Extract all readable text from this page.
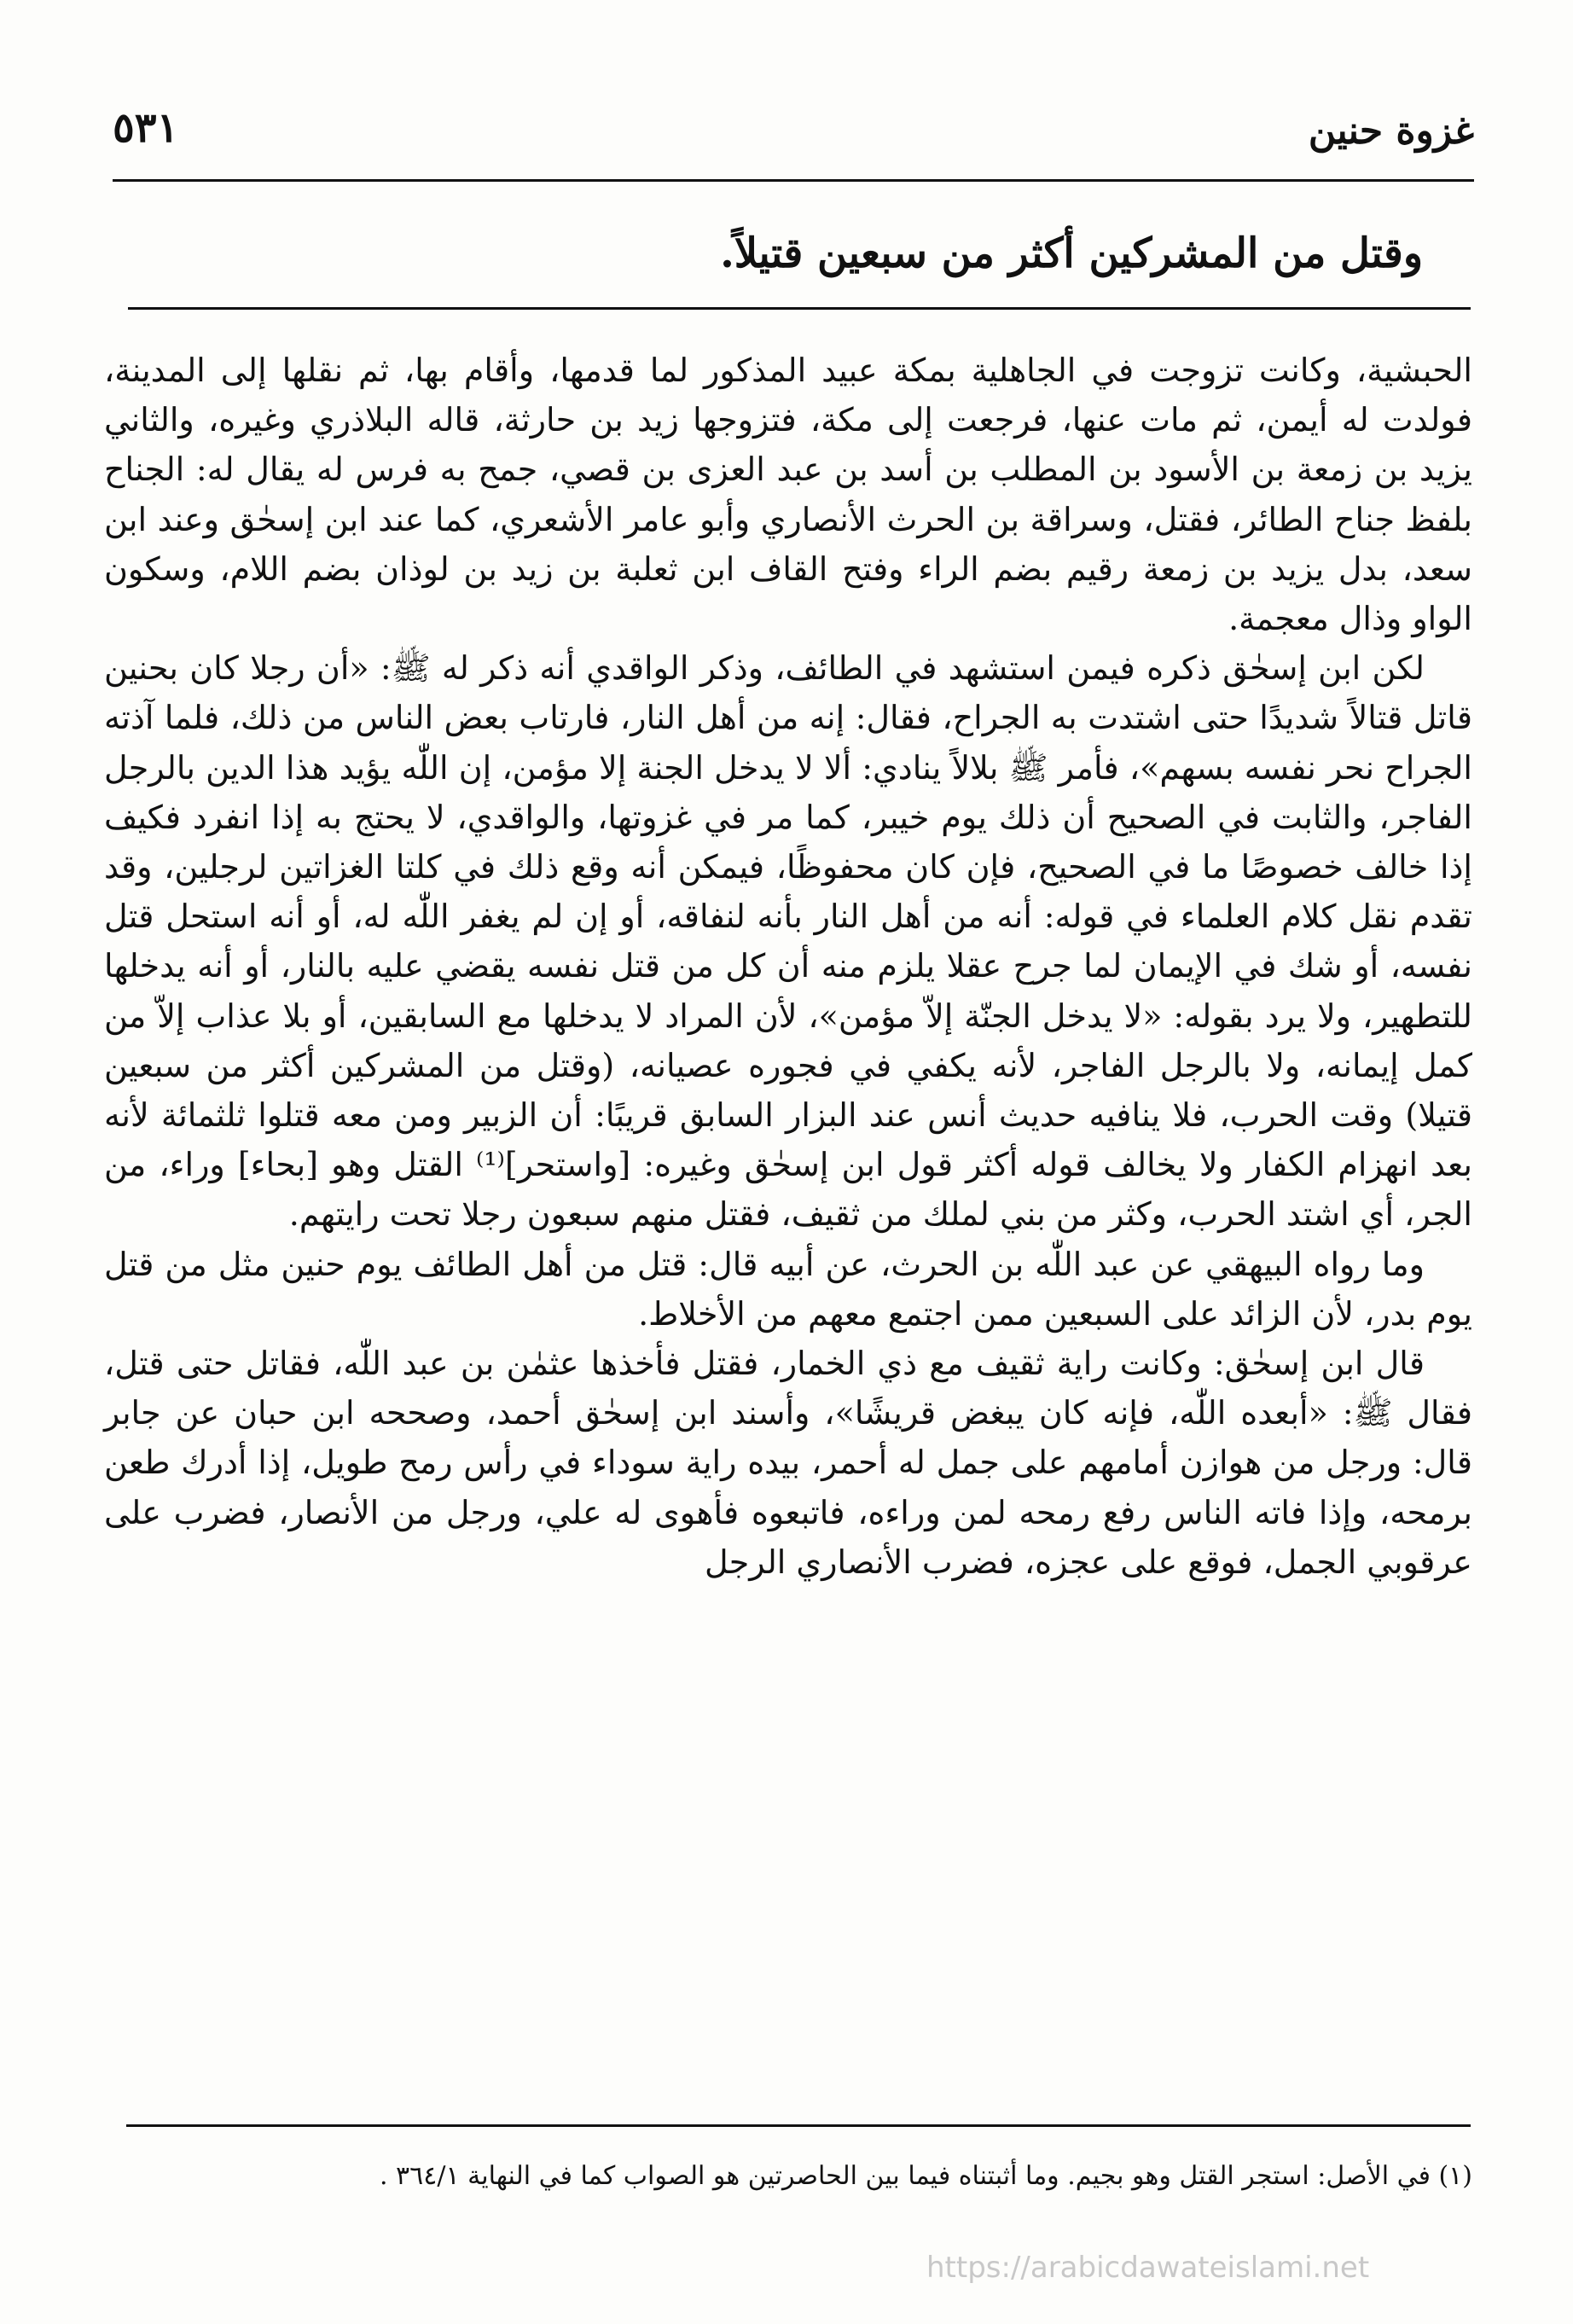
غزوة حنين
٥٣١
وقتل من المشركين أكثر من سبعين قتيلاً.

الحبشية، وكانت تزوجت في الجاهلية بمكة عبيد المذكور لما قدمها، وأقام بها، ثم نقلها إلى المدينة، فولدت له أيمن، ثم مات عنها، فرجعت إلى مكة، فتزوجها زيد بن حارثة، قاله البلاذري وغيره، والثاني يزيد بن زمعة بن الأسود بن المطلب بن أسد بن عبد العزى بن قصي، جمح به فرس له يقال له: الجناح بلفظ جناح الطائر، فقتل، وسراقة بن الحرث الأنصاري وأبو عامر الأشعري، كما عند ابن إسحٰق وعند ابن سعد، بدل يزيد بن زمعة رقيم بضم الراء وفتح القاف ابن ثعلبة بن زيد بن لوذان بضم اللام، وسكون الواو وذال معجمة.

لكن ابن إسحٰق ذكره فيمن استشهد في الطائف، وذكر الواقدي أنه ذكر له ﷺ: «أن رجلا كان بحنين قاتل قتالاً شديدًا حتى اشتدت به الجراح، فقال: إنه من أهل النار، فارتاب بعض الناس من ذلك، فلما آذته الجراح نحر نفسه بسهم»، فأمر ﷺ بلالاً ينادي: ألا لا يدخل الجنة إلا مؤمن، إن اللّٰه يؤيد هذا الدين بالرجل الفاجر، والثابت في الصحيح أن ذلك يوم خيبر، كما مر في غزوتها، والواقدي، لا يحتج به إذا انفرد فكيف إذا خالف خصوصًا ما في الصحيح، فإن كان محفوظًا، فيمكن أنه وقع ذلك في كلتا الغزاتين لرجلين، وقد تقدم نقل كلام العلماء في قوله: أنه من أهل النار بأنه لنفاقه، أو إن لم يغفر اللّٰه له، أو أنه استحل قتل نفسه، أو شك في الإيمان لما جرح عقلا يلزم منه أن كل من قتل نفسه يقضي عليه بالنار، أو أنه يدخلها للتطهير، ولا يرد بقوله: «لا يدخل الجنّة إلاّ مؤمن»، لأن المراد لا يدخلها مع السابقين، أو بلا عذاب إلاّ من كمل إيمانه، ولا بالرجل الفاجر، لأنه يكفي في فجوره عصيانه، (وقتل من المشركين أكثر من سبعين قتيلا) وقت الحرب، فلا ينافيه حديث أنس عند البزار السابق قريبًا: أن الزبير ومن معه قتلوا ثلثمائة لأنه بعد انهزام الكفار ولا يخالف قوله أكثر قول ابن إسحٰق وغيره: [واستحر]⁽¹⁾ القتل وهو [بحاء] وراء، من الجر، أي اشتد الحرب، وكثر من بني لملك من ثقيف، فقتل منهم سبعون رجلا تحت رايتهم.

وما رواه البيهقي عن عبد اللّٰه بن الحرث، عن أبيه قال: قتل من أهل الطائف يوم حنين مثل من قتل يوم بدر، لأن الزائد على السبعين ممن اجتمع معهم من الأخلاط.

قال ابن إسحٰق: وكانت راية ثقيف مع ذي الخمار، فقتل فأخذها عثمٰن بن عبد اللّٰه، فقاتل حتى قتل، فقال ﷺ: «أبعده اللّٰه، فإنه كان يبغض قريشًا»، وأسند ابن إسحٰق أحمد، وصححه ابن حبان عن جابر قال: ورجل من هوازن أمامهم على جمل له أحمر، بيده راية سوداء في رأس رمح طويل، إذا أدرك طعن برمحه، وإذا فاته الناس رفع رمحه لمن وراءه، فاتبعوه فأهوى له علي، ورجل من الأنصار، فضرب على عرقوبي الجمل، فوقع على عجزه، فضرب الأنصاري الرجل

(١) في الأصل: استجر القتل وهو بجيم. وما أثبتناه فيما بين الحاصرتين هو الصواب كما في النهاية ٣٦٤/١ .
https://arabicdawateislami.net
